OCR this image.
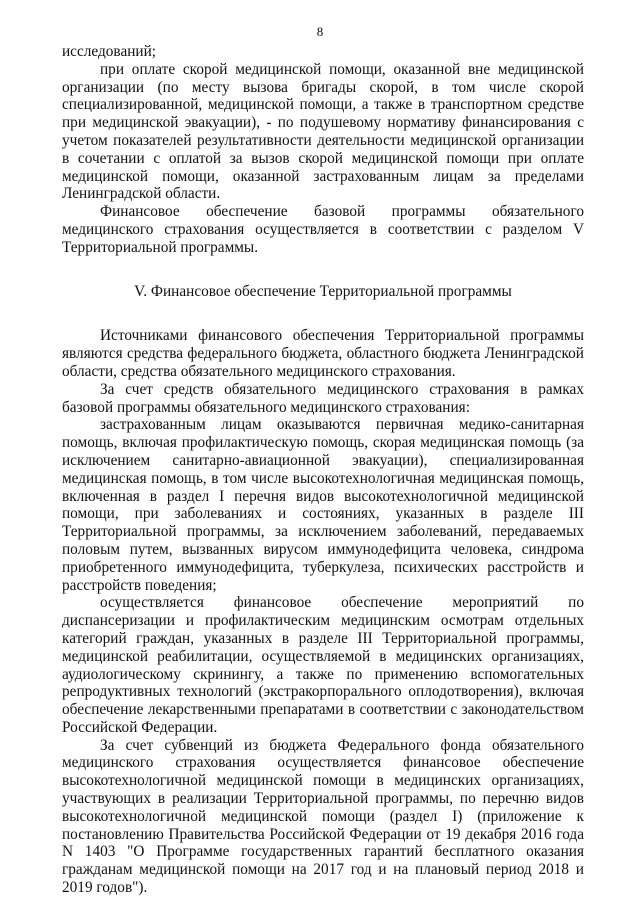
8

исследований;

при оплате скорой медицинской помощи, оказанной вне медицинской организации (по месту вызова бригады скорой, в том числе скорой специализированной, медицинской помощи, а также в транспортном средстве при медицинской эвакуации), - по подушевому нормативу финансирования с учетом показателей результативности деятельности медицинской организации в сочетании с оплатой за вызов скорой медицинской помощи при оплате медицинской помощи, оказанной застрахованным лицам за пределами Ленинградской области.

Финансовое обеспечение базовой программы обязательного медицинского страхования осуществляется в соответствии с разделом V Территориальной программы.

V. Финансовое обеспечение Территориальной программы

Источниками финансового обеспечения Территориальной программы являются средства федерального бюджета, областного бюджета Ленинградской области, средства обязательного медицинского страхования.

За счет средств обязательного медицинского страхования в рамках базовой программы обязательного медицинского страхования:

застрахованным лицам оказываются первичная медико-санитарная помощь, включая профилактическую помощь, скорая медицинская помощь (за исключением санитарно-авиационной эвакуации), специализированная медицинская помощь, в том числе высокотехнологичная медицинская помощь, включенная в раздел I перечня видов высокотехнологичной медицинской помощи, при заболеваниях и состояниях, указанных в разделе III Территориальной программы, за исключением заболеваний, передаваемых половым путем, вызванных вирусом иммунодефицита человека, синдрома приобретенного иммунодефицита, туберкулеза, психических расстройств и расстройств поведения;

осуществляется финансовое обеспечение мероприятий по диспансеризации и профилактическим медицинским осмотрам отдельных категорий граждан, указанных в разделе III Территориальной программы, медицинской реабилитации, осуществляемой в медицинских организациях, аудиологическому скринингу, а также по применению вспомогательных репродуктивных технологий (экстракорпорального оплодотворения), включая обеспечение лекарственными препаратами в соответствии с законодательством Российской Федерации.

За счет субвенций из бюджета Федерального фонда обязательного медицинского страхования осуществляется финансовое обеспечение высокотехнологичной медицинской помощи в медицинских организациях, участвующих в реализации Территориальной программы, по перечню видов высокотехнологичной медицинской помощи (раздел I) (приложение к постановлению Правительства Российской Федерации от 19 декабря 2016 года N 1403 "О Программе государственных гарантий бесплатного оказания гражданам медицинской помощи на 2017 год и на плановый период 2018 и 2019 годов").
